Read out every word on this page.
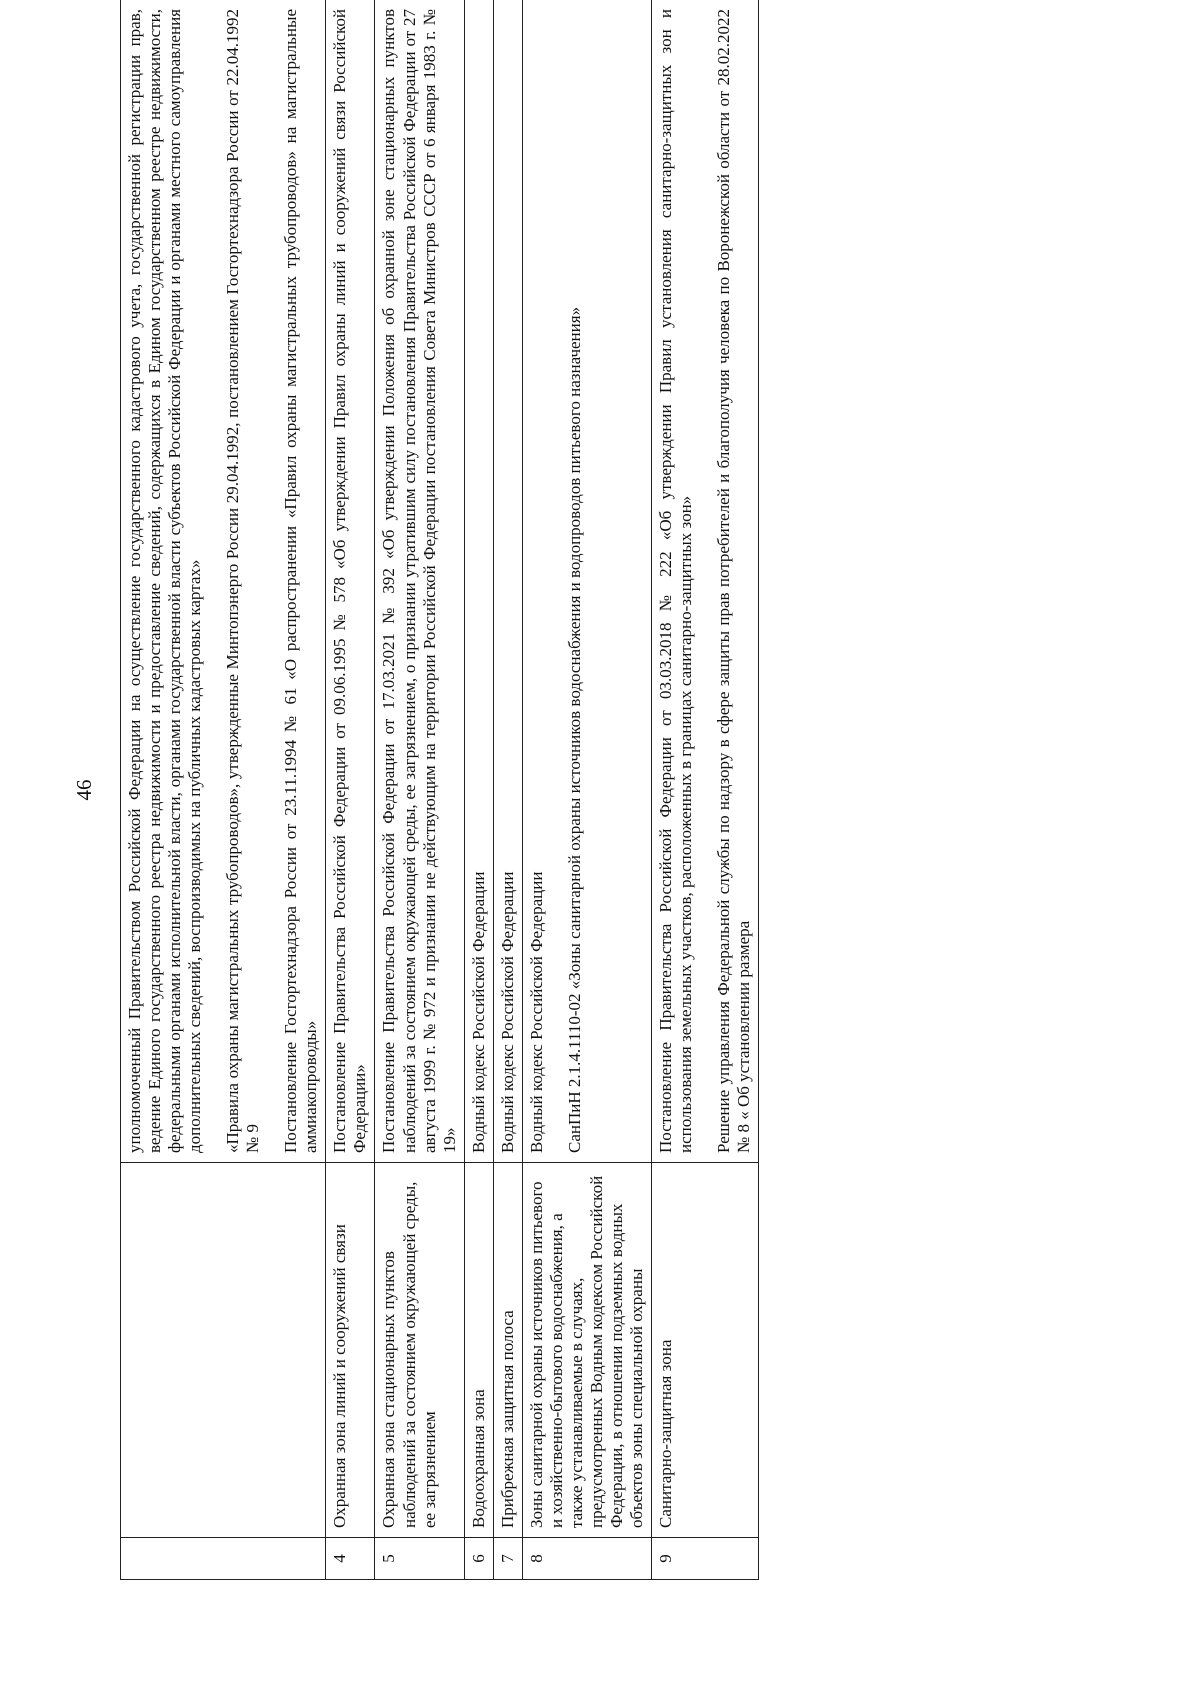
46

		уполномоченный Правительством Российской Федерации на осуществление государственного кадастрового учета, государственной регистрации прав, ведение Единого государственного реестра недвижимости и предоставление сведений, содержащихся в Едином государственном реестре недвижимости, федеральными органами исполнительной власти, органами государственной власти субъектов Российской Федерации и органами местного самоуправления дополнительных сведений, воспроизводимых на публичных кадастровых картах» «Правила охраны магистральных трубопроводов», утвержденные Минтопэнерго России 29.04.1992, постановлением Госгортехнадзора России от 22.04.1992 № 9 Постановление Госгортехнадзора России от 23.11.1994 № 61 «О распространении «Правил охраны магистральных трубопроводов» на магистральные аммиакопроводы»

4	Охранная зона линий и сооружений связи	Постановление Правительства Российской Федерации от 09.06.1995 № 578 «Об утверждении Правил охраны линий и сооружений связи Российской Федерации»

5	Охранная зона стационарных пунктов наблюдений за состоянием окружающей среды, ее загрязнением	Постановление Правительства Российской Федерации от 17.03.2021 № 392 «Об утверждении Положения об охранной зоне стационарных пунктов наблюдений за состоянием окружающей среды, ее загрязнением, о признании утратившим силу постановления Правительства Российской Федерации от 27 августа 1999 г. № 972 и признании не действующим на территории Российской Федерации постановления Совета Министров СССР от 6 января 1983 г. № 19»

6	Водоохранная зона	Водный кодекс Российской Федерации

7	Прибрежная защитная полоса	Водный кодекс Российской Федерации

8	Зоны санитарной охраны источников питьевого и хозяйственно-бытового водоснабжения, а также устанавливаемые в случаях, предусмотренных Водным кодексом Российской Федерации, в отношении подземных водных объектов зоны специальной охраны	Водный кодекс Российской Федерации СанПиН 2.1.4.1110-02 «Зоны санитарной охраны источников водоснабжения и водопроводов питьевого назначения»

9	Санитарно-защитная зона	Постановление Правительства Российской Федерации от 03.03.2018 № 222 «Об утверждении Правил установления санитарно-защитных зон и использования земельных участков, расположенных в границах санитарно-защитных зон» Решение управления Федеральной службы по надзору в сфере защиты прав потребителей и благополучия человека по Воронежской области от 28.02.2022 № 8 « Об установлении размера
